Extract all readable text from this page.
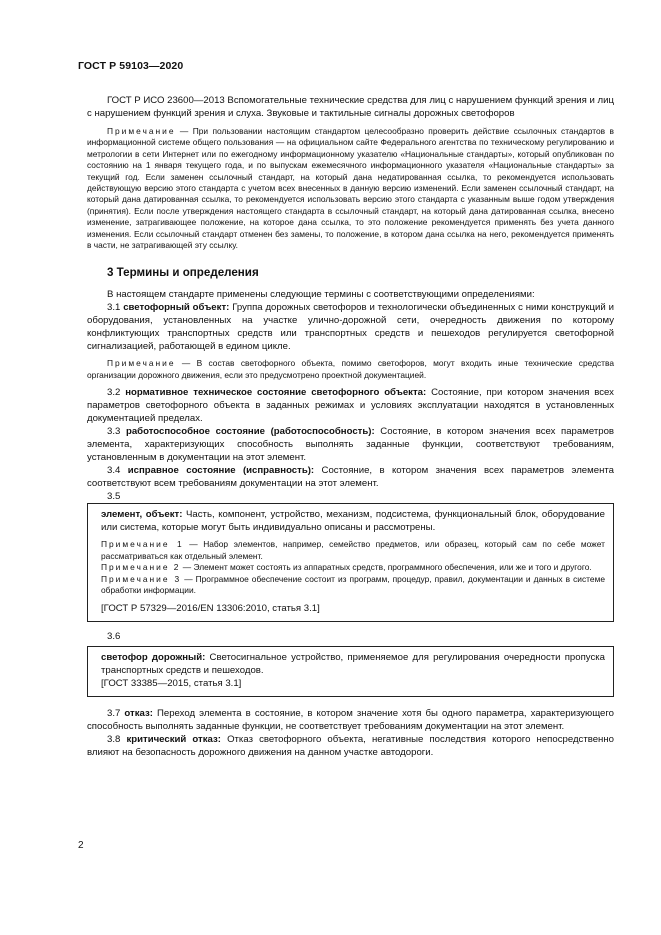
ГОСТ Р 59103—2020

ГОСТ Р ИСО 23600—2013 Вспомогательные технические средства для лиц с нарушением функций зрения и лиц с нарушением функций зрения и слуха. Звуковые и тактильные сигналы дорожных светофоров

Примечание — При пользовании настоящим стандартом целесообразно проверить действие ссылочных стандартов в информационной системе общего пользования — на официальном сайте Федерального агентства по техническому регулированию и метрологии в сети Интернет или по ежегодному информационному указателю «Национальные стандарты», который опубликован по состоянию на 1 января текущего года, и по выпускам ежемесячного информационного указателя «Национальные стандарты» за текущий год. Если заменен ссылочный стандарт, на который дана недатированная ссылка, то рекомендуется использовать действующую версию этого стандарта с учетом всех внесенных в данную версию изменений. Если заменен ссылочный стандарт, на который дана датированная ссылка, то рекомендуется использовать версию этого стандарта с указанным выше годом утверждения (принятия). Если после утверждения настоящего стандарта в ссылочный стандарт, на который дана датированная ссылка, внесено изменение, затрагивающее положение, на которое дана ссылка, то это положение рекомендуется применять без учета данного изменения. Если ссылочный стандарт отменен без замены, то положение, в котором дана ссылка на него, рекомендуется применять в части, не затрагивающей эту ссылку.

3 Термины и определения

В настоящем стандарте применены следующие термины с соответствующими определениями:

3.1 светофорный объект: Группа дорожных светофоров и технологически объединенных с ними конструкций и оборудования, установленных на участке улично-дорожной сети, очередность движения по которому конфликтующих транспортных средств или транспортных средств и пешеходов регулируется светофорной сигнализацией, работающей в едином цикле.

Примечание — В состав светофорного объекта, помимо светофоров, могут входить иные технические средства организации дорожного движения, если это предусмотрено проектной документацией.

3.2 нормативное техническое состояние светофорного объекта: Состояние, при котором значения всех параметров светофорного объекта в заданных режимах и условиях эксплуатации находятся в установленных документацией пределах.

3.3 работоспособное состояние (работоспособность): Состояние, в котором значения всех параметров элемента, характеризующих способность выполнять заданные функции, соответствуют требованиям, установленным в документации на этот элемент.

3.4 исправное состояние (исправность): Состояние, в котором значения всех параметров элемента соответствуют всем требованиям документации на этот элемент.

3.5

элемент, объект: Часть, компонент, устройство, механизм, подсистема, функциональный блок, оборудование или система, которые могут быть индивидуально описаны и рассмотрены.

Примечание 1 — Набор элементов, например, семейство предметов, или образец, который сам по себе может рассматриваться как отдельный элемент.

Примечание 2 — Элемент может состоять из аппаратных средств, программного обеспечения, или же и того и другого.

Примечание 3 — Программное обеспечение состоит из программ, процедур, правил, документации и данных в системе обработки информации.

[ГОСТ Р 57329—2016/EN 13306:2010, статья 3.1]

3.6

светофор дорожный: Светосигнальное устройство, применяемое для регулирования очередности пропуска транспортных средств и пешеходов.

[ГОСТ 33385—2015, статья 3.1]

3.7 отказ: Переход элемента в состояние, в котором значение хотя бы одного параметра, характеризующего способность выполнять заданные функции, не соответствует требованиям документации на этот элемент.

3.8 критический отказ: Отказ светофорного объекта, негативные последствия которого непосредственно влияют на безопасность дорожного движения на данном участке автодороги.

2
